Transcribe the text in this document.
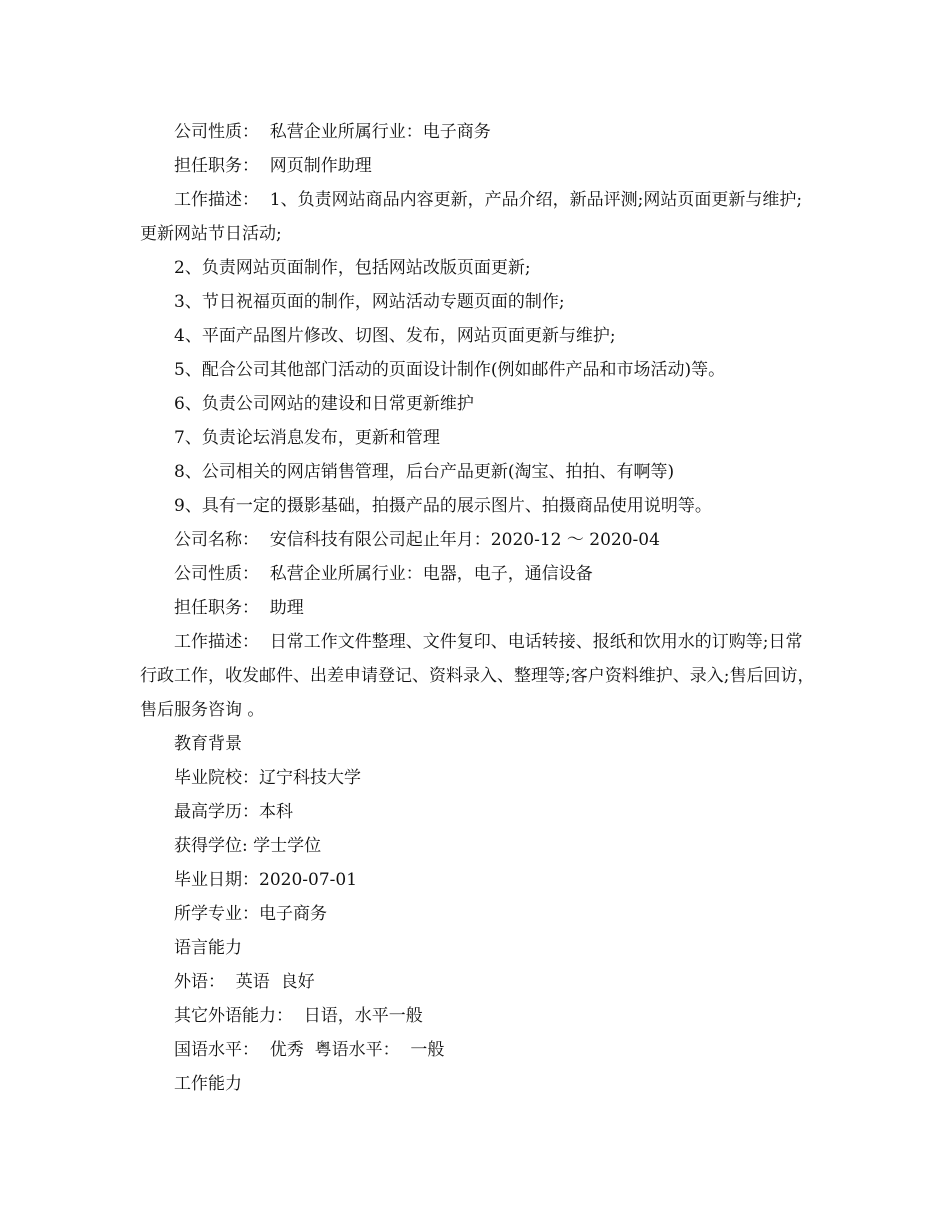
公司性质：  私营企业所属行业：电子商务

担任职务：  网页制作助理

工作描述：  1、负责网站商品内容更新，产品介绍，新品评测;网站页面更新与维护;更新网站节日活动;

2、负责网站页面制作，包括网站改版页面更新;

3、节日祝福页面的制作，网站活动专题页面的制作;

4、平面产品图片修改、切图、发布，网站页面更新与维护;

5、配合公司其他部门活动的页面设计制作(例如邮件产品和市场活动)等。

6、负责公司网站的建设和日常更新维护

7、负责论坛消息发布，更新和管理

8、公司相关的网店销售管理，后台产品更新(淘宝、拍拍、有啊等)

9、具有一定的摄影基础，拍摄产品的展示图片、拍摄商品使用说明等。

公司名称：  安信科技有限公司起止年月：2020-12 ～ 2020-04

公司性质：  私营企业所属行业：电器，电子，通信设备

担任职务：  助理

工作描述：  日常工作文件整理、文件复印、电话转接、报纸和饮用水的订购等;日常行政工作，收发邮件、出差申请登记、资料录入、整理等;客户资料维护、录入;售后回访，售后服务咨询 。

教育背景

毕业院校：辽宁科技大学

最高学历：本科

获得学位: 学士学位

毕业日期：2020-07-01

所学专业：电子商务

语言能力

外语：  英语  良好

其它外语能力：  日语，水平一般

国语水平：  优秀  粤语水平：  一般

工作能力
